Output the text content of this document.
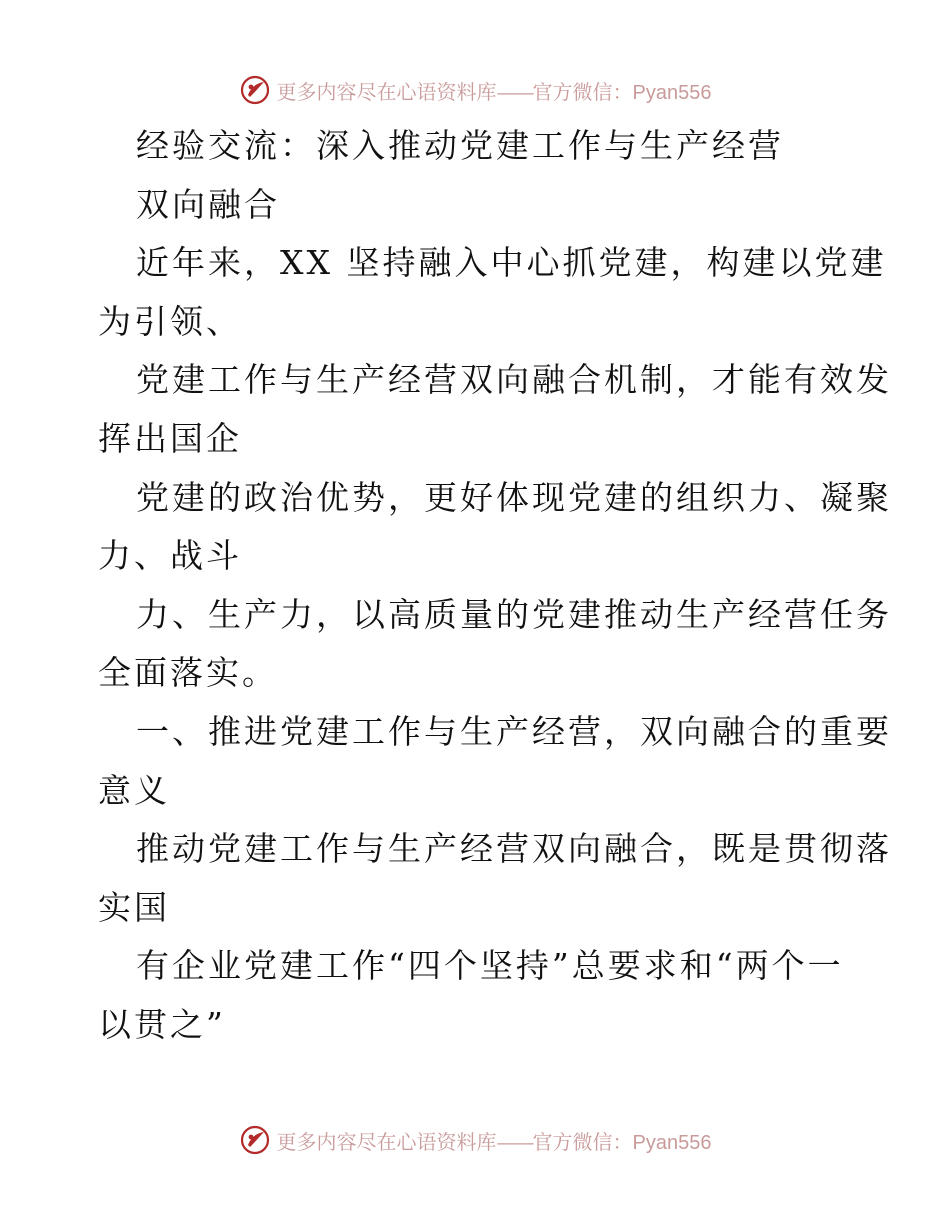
更多内容尽在心语资料库——官方微信：Pyan556
经验交流：深入推动党建工作与生产经营
双向融合
近年来，XX 坚持融入中心抓党建，构建以党建
为引领、
党建工作与生产经营双向融合机制，才能有效发
挥出国企
党建的政治优势，更好体现党建的组织力、凝聚
力、战斗
力、生产力，以高质量的党建推动生产经营任务
全面落实。
一、推进党建工作与生产经营，双向融合的重要
意义
推动党建工作与生产经营双向融合，既是贯彻落
实国
有企业党建工作“四个坚持”总要求和“两个一
以贯之”
更多内容尽在心语资料库——官方微信：Pyan556
